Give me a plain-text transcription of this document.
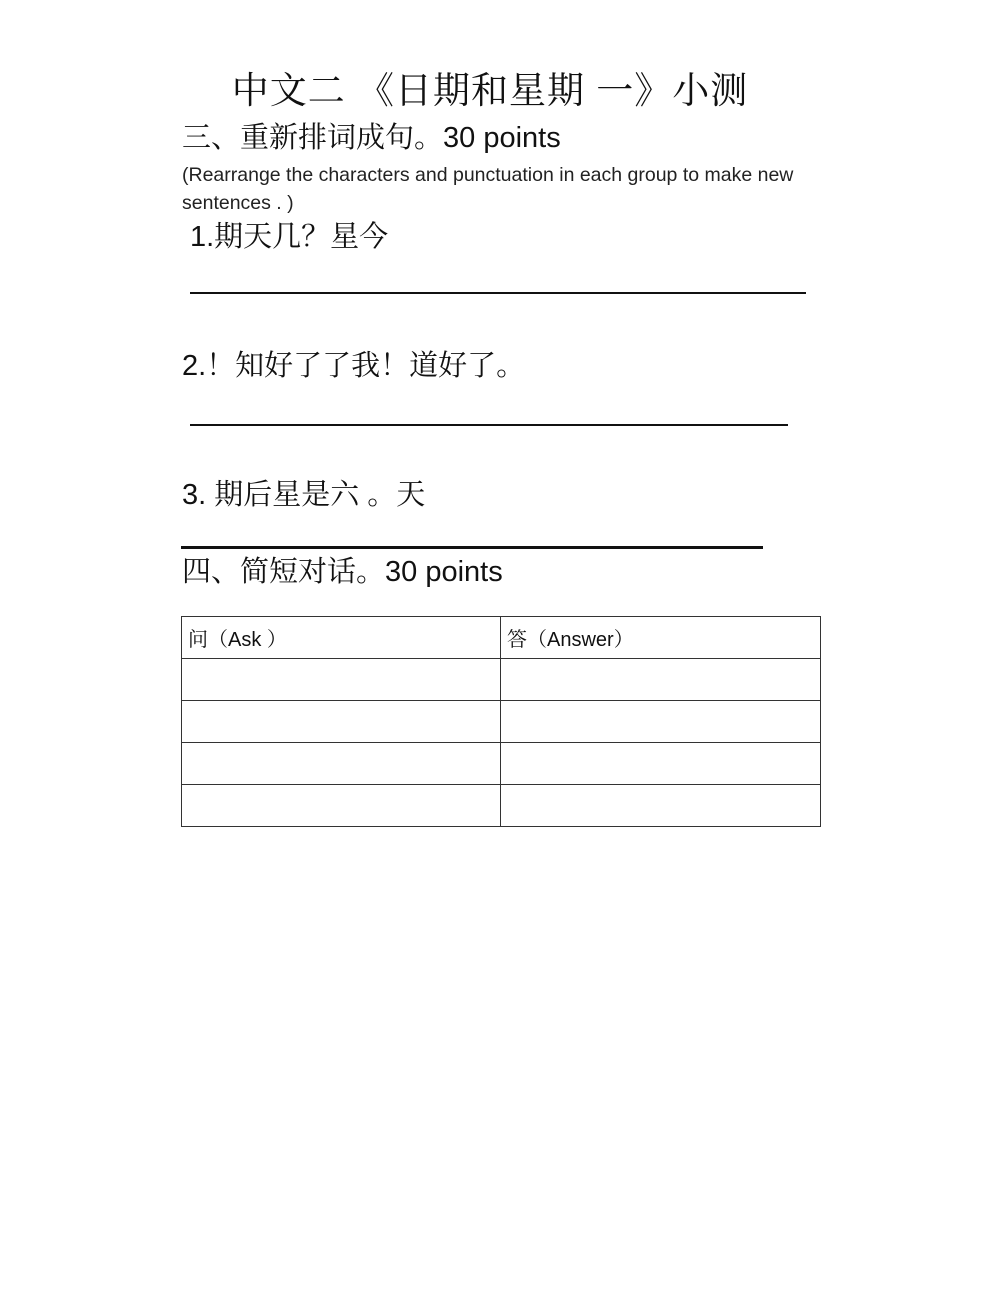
中文二 《日期和星期 一》小测
三、重新排词成句。30 points
(Rearrange the characters and punctuation in each group to make new sentences . )
1.期天几？星今
2.！知好了了我！道好了。
3. 期后星是六 。天
四、简短对话。30 points
问（Ask ）	答（Answer）
